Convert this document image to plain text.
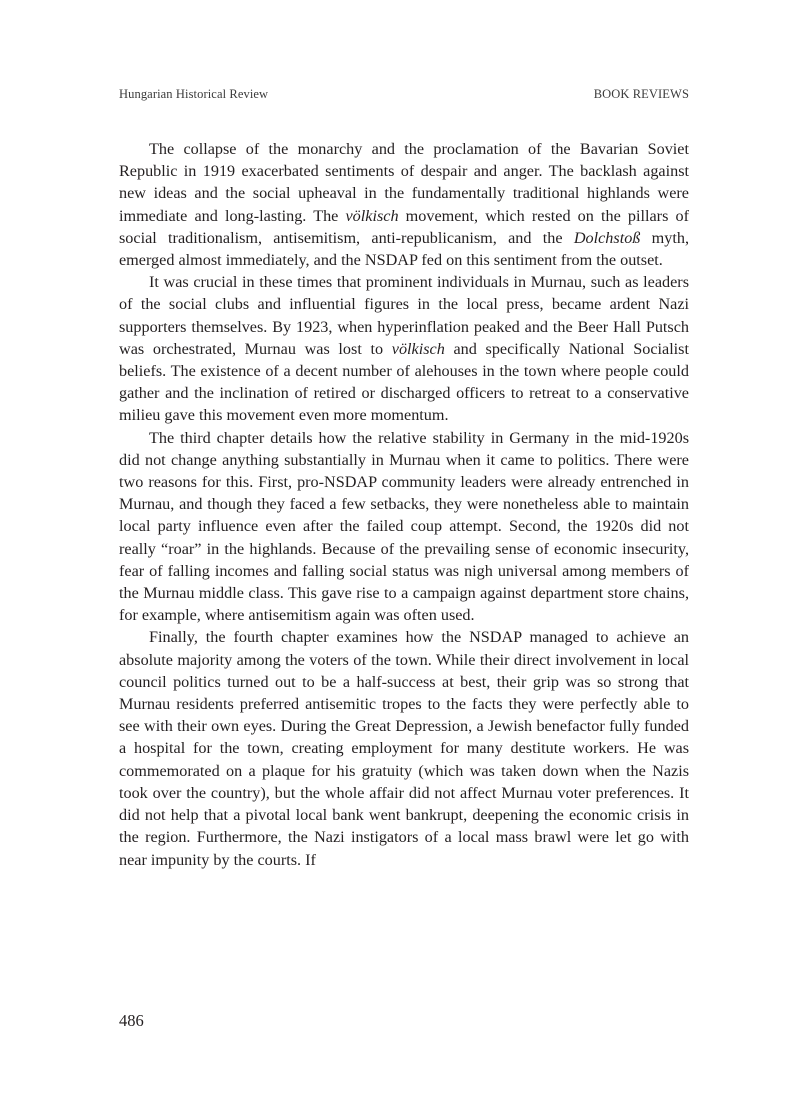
Hungarian Historical Review	BOOK REVIEWS

The collapse of the monarchy and the proclamation of the Bavarian Soviet Republic in 1919 exacerbated sentiments of despair and anger. The backlash against new ideas and the social upheaval in the fundamentally traditional highlands were immediate and long-lasting. The völkisch movement, which rested on the pillars of social traditionalism, antisemitism, anti-republicanism, and the Dolchstoß myth, emerged almost immediately, and the NSDAP fed on this sentiment from the outset.

It was crucial in these times that prominent individuals in Murnau, such as leaders of the social clubs and influential figures in the local press, became ardent Nazi supporters themselves. By 1923, when hyperinflation peaked and the Beer Hall Putsch was orchestrated, Murnau was lost to völkisch and specifically National Socialist beliefs. The existence of a decent number of alehouses in the town where people could gather and the inclination of retired or discharged officers to retreat to a conservative milieu gave this movement even more momentum.

The third chapter details how the relative stability in Germany in the mid-1920s did not change anything substantially in Murnau when it came to politics. There were two reasons for this. First, pro-NSDAP community leaders were already entrenched in Murnau, and though they faced a few setbacks, they were nonetheless able to maintain local party influence even after the failed coup attempt. Second, the 1920s did not really “roar” in the highlands. Because of the prevailing sense of economic insecurity, fear of falling incomes and falling social status was nigh universal among members of the Murnau middle class. This gave rise to a campaign against department store chains, for example, where antisemitism again was often used.

Finally, the fourth chapter examines how the NSDAP managed to achieve an absolute majority among the voters of the town. While their direct involvement in local council politics turned out to be a half-success at best, their grip was so strong that Murnau residents preferred antisemitic tropes to the facts they were perfectly able to see with their own eyes. During the Great Depression, a Jewish benefactor fully funded a hospital for the town, creating employment for many destitute workers. He was commemorated on a plaque for his gratuity (which was taken down when the Nazis took over the country), but the whole affair did not affect Murnau voter preferences. It did not help that a pivotal local bank went bankrupt, deepening the economic crisis in the region. Furthermore, the Nazi instigators of a local mass brawl were let go with near impunity by the courts. If

486
